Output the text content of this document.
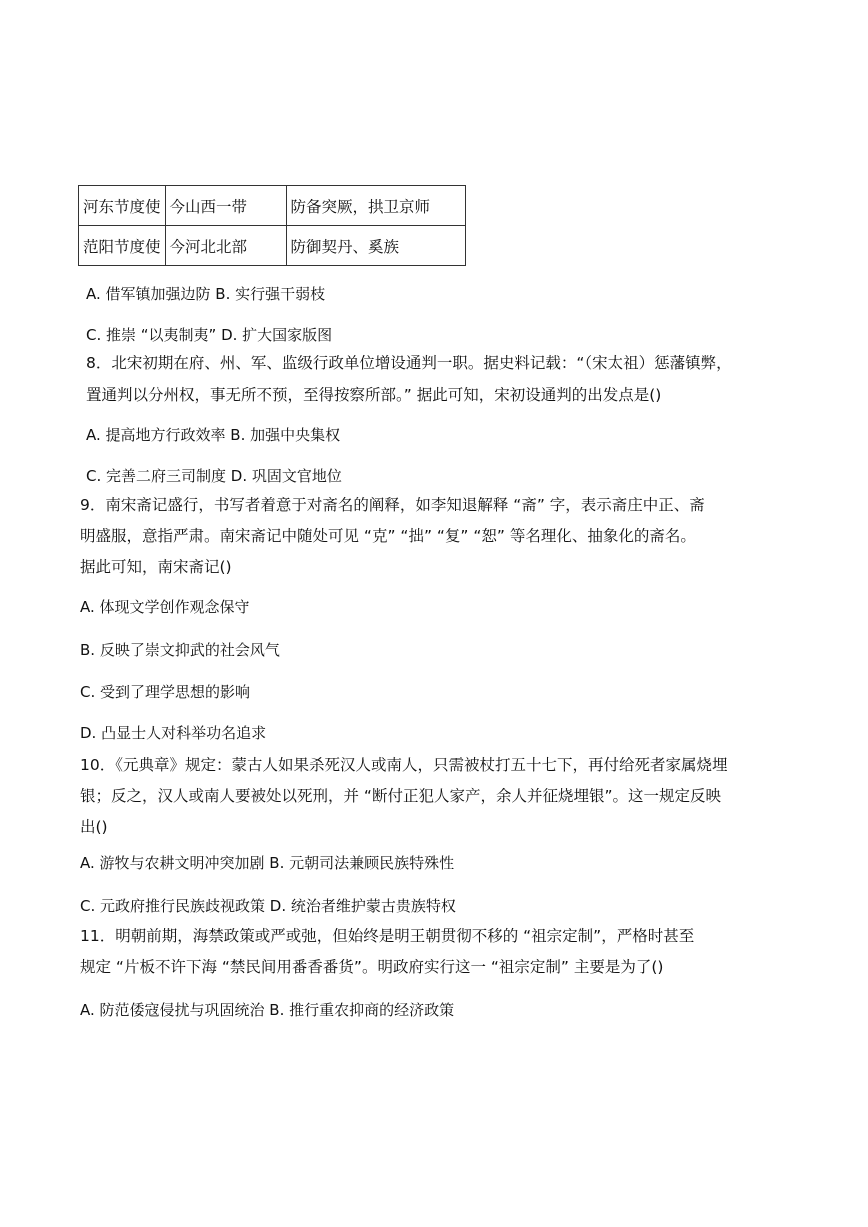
河东节度使	今山西一带	防备突厥，拱卫京师
范阳节度使	今河北北部	防御契丹、奚族
A. 借军镇加强边防 B. 实行强干弱枝
C. 推崇 “以夷制夷” D. 扩大国家版图
8．北宋初期在府、州、军、监级行政单位增设通判一职。据史料记载：“（宋太祖）惩藩镇弊，
置通判以分州权，事无所不预，至得按察所部。” 据此可知，宋初设通判的出发点是()
A. 提高地方行政效率 B. 加强中央集权
C. 完善二府三司制度 D. 巩固文官地位
9．南宋斋记盛行，书写者着意于对斋名的阐释，如李知退解释 “斋” 字，表示斋庄中正、斋
明盛服，意指严肃。南宋斋记中随处可见 “克” “拙” “复” “恕” 等名理化、抽象化的斋名。
据此可知，南宋斋记()
A. 体现文学创作观念保守
B. 反映了崇文抑武的社会风气
C. 受到了理学思想的影响
D. 凸显士人对科举功名追求
10．《元典章》规定：蒙古人如果杀死汉人或南人，只需被杖打五十七下，再付给死者家属烧埋
银；反之，汉人或南人要被处以死刑，并 “断付正犯人家产，余人并征烧埋银”。这一规定反映
出()
A. 游牧与农耕文明冲突加剧 B. 元朝司法兼顾民族特殊性
C. 元政府推行民族歧视政策 D. 统治者维护蒙古贵族特权
11．明朝前期，海禁政策或严或弛，但始终是明王朝贯彻不移的 “祖宗定制”，严格时甚至
规定 “片板不许下海 “禁民间用番香番货”。明政府实行这一 “祖宗定制” 主要是为了()
A. 防范倭寇侵扰与巩固统治 B. 推行重农抑商的经济政策
